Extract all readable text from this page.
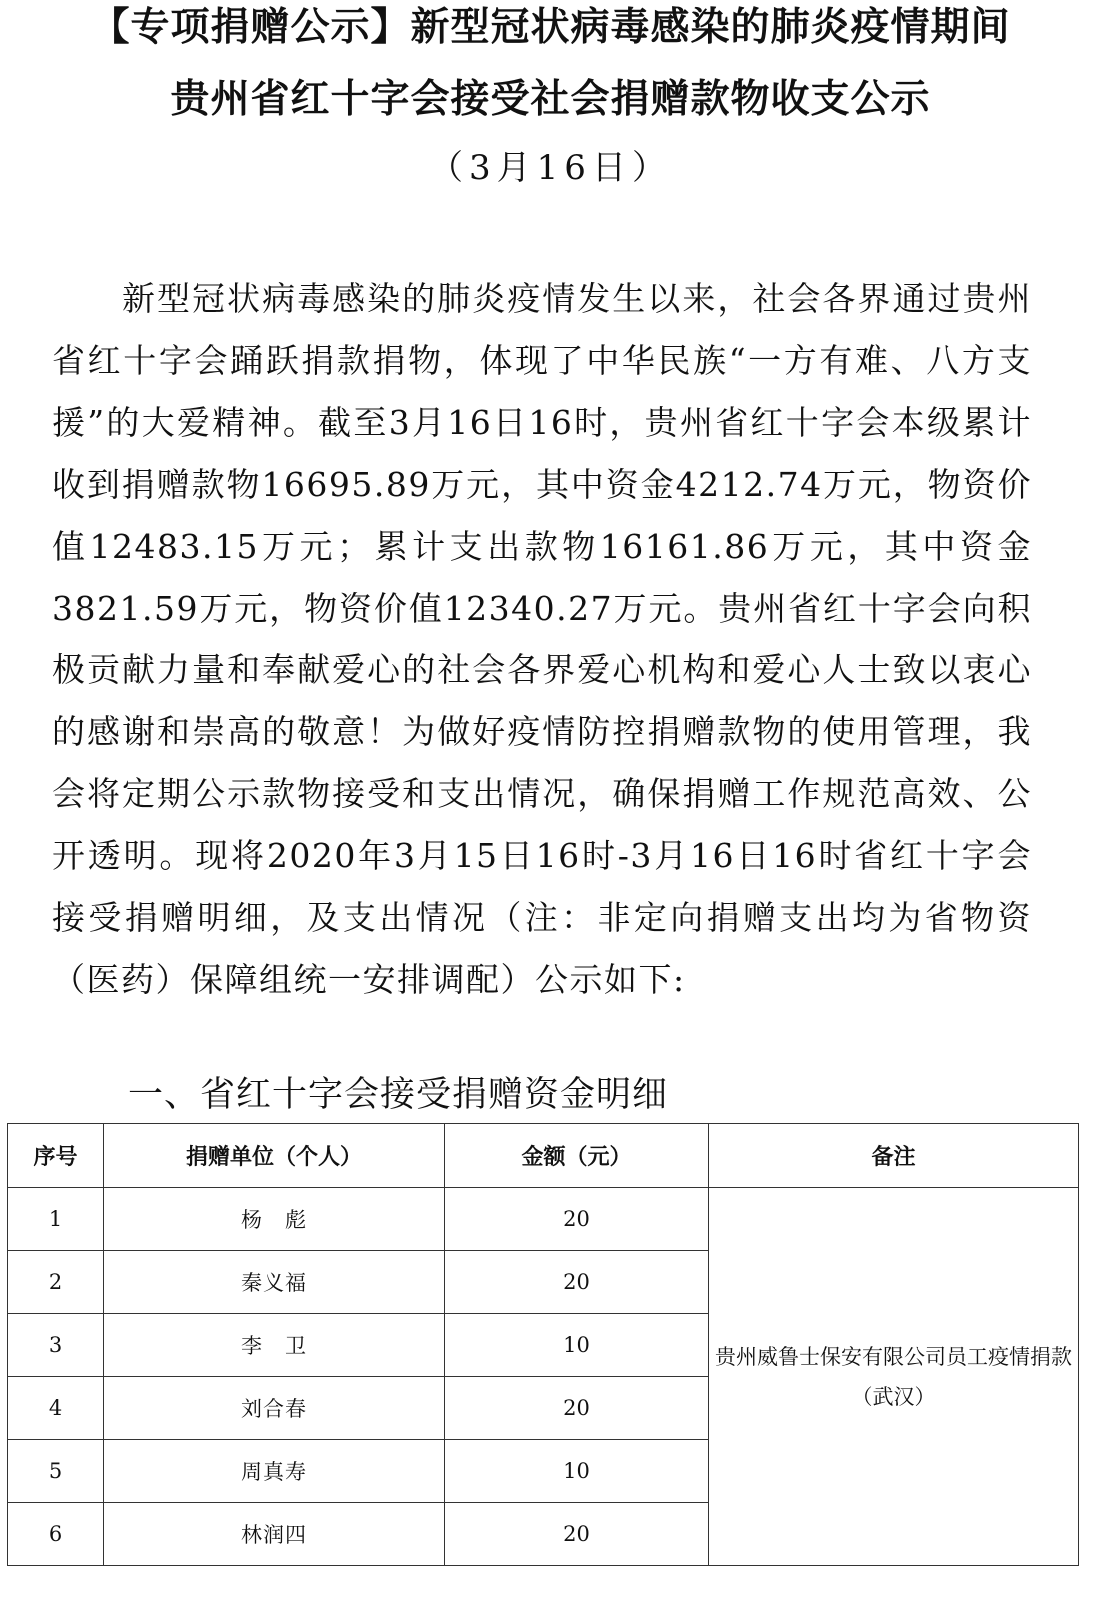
【专项捐赠公示】新型冠状病毒感染的肺炎疫情期间
贵州省红十字会接受社会捐赠款物收支公示
（3月16日）

新型冠状病毒感染的肺炎疫情发生以来，社会各界通过贵州省红十字会踊跃捐款捐物，体现了中华民族“一方有难、八方支援”的大爱精神。截至3月16日16时，贵州省红十字会本级累计收到捐赠款物16695.89万元，其中资金4212.74万元，物资价值12483.15万元；累计支出款物16161.86万元，其中资金3821.59万元，物资价值12340.27万元。贵州省红十字会向积极贡献力量和奉献爱心的社会各界爱心机构和爱心人士致以衷心的感谢和崇高的敬意！为做好疫情防控捐赠款物的使用管理，我会将定期公示款物接受和支出情况，确保捐赠工作规范高效、公开透明。现将2020年3月15日16时-3月16日16时省红十字会接受捐赠明细，及支出情况（注：非定向捐赠支出均为省物资（医药）保障组统一安排调配）公示如下:

一、省红十字会接受捐赠资金明细
序号	捐赠单位（个人）	金额（元）	备注
1	杨　彪	20	贵州威鲁士保安有限公司员工疫情捐款　（武汉）
2	秦义福	20	
3	李　卫	10	
4	刘合春	20	
5	周真寿	10	
6	林润四	20	
